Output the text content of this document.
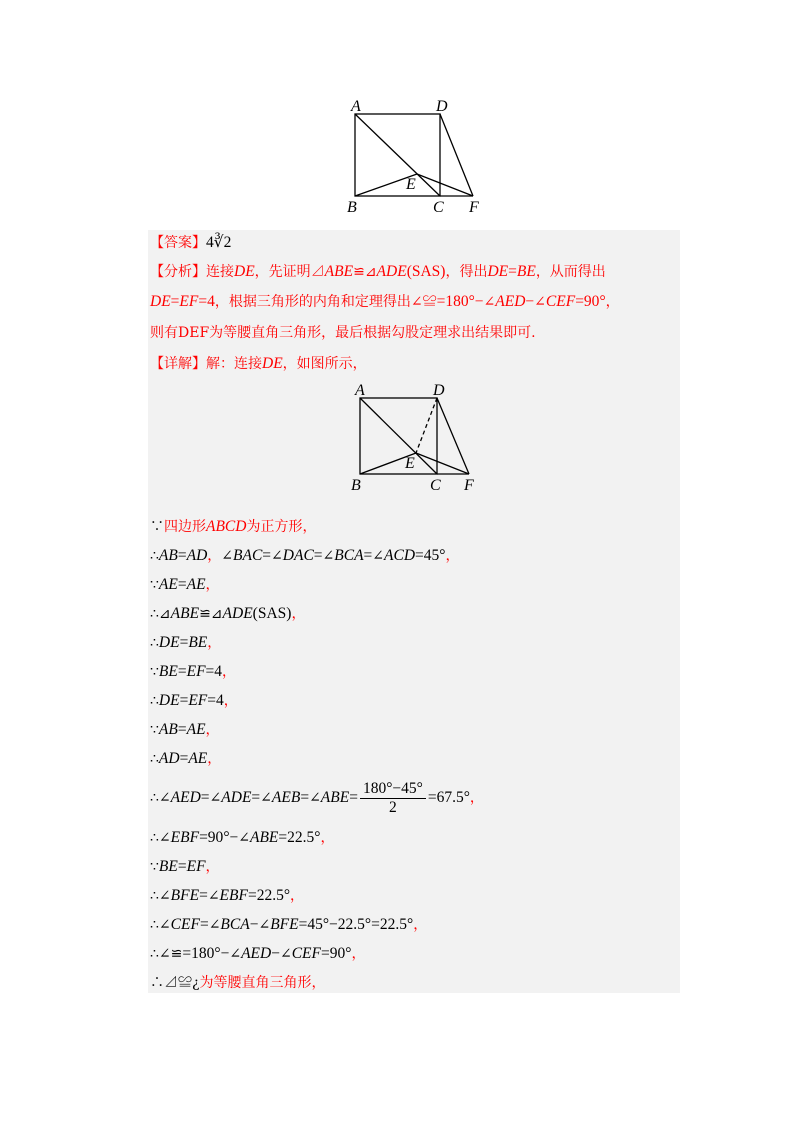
A	D
E
B	C F
【答案】4∛2
【分析】连接DE，先证明⊿ABE≌⊿ADE(SAS)，得出DE=BE，从而得出
DE=EF=4，根据三角形的内角和定理得出∠≌=180°−∠AED−∠CEF=90°，
则有DEF为等腰直角三角形，最后根据勾股定理求出结果即可.
【详解】解：连接DE，如图所示，
A	D
E
B	C F
∵四边形ABCD为正方形，
∴AB=AD，∠BAC=∠DAC=∠BCA=∠ACD=45°，
∵AE=AE，
∴⊿ABE≌⊿ADE(SAS)，
∴DE=BE，
∵BE=EF=4，
∴DE=EF=4，
∵AB=AE，
∴AD=AE，
∴∠AED=∠ADE=∠AEB=∠ABE= $\frac{180^\circ-45^\circ}{2} =67.5^\circ$，
∴∠EBF=90°−∠ABE=22.5°，
∵BE=EF，
∴∠BFE=∠EBF=22.5°，
∴∠CEF=∠BCA−∠BFE=45°−22.5°=22.5°，
∴∠≌=180°−∠AED−∠CEF=90°，
∴⊿≌¿为等腰直角三角形，
